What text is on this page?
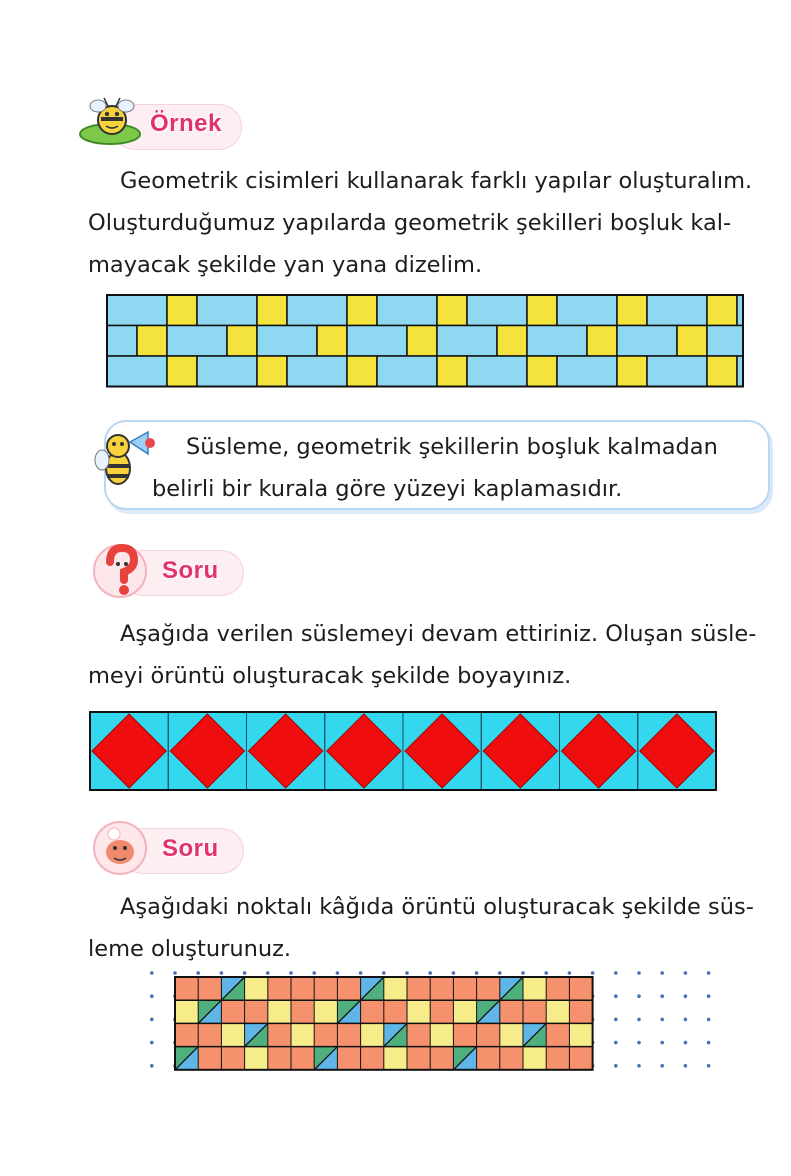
Örnek
Geometrik cisimleri kullanarak farklı yapılar oluşturalım.
Oluşturduğumuz yapılarda geometrik şekilleri boşluk kal-
mayacak şekilde yan yana dizelim.
Süsleme, geometrik şekillerin boşluk kalmadan
belirli bir kurala göre yüzeyi kaplamasıdır.
Soru
Aşağıda verilen süslemeyi devam ettiriniz. Oluşan süsle-
meyi örüntü oluşturacak şekilde boyayınız.
Soru
Aşağıdaki noktalı kâğıda örüntü oluşturacak şekilde süs-
leme oluşturunuz.
